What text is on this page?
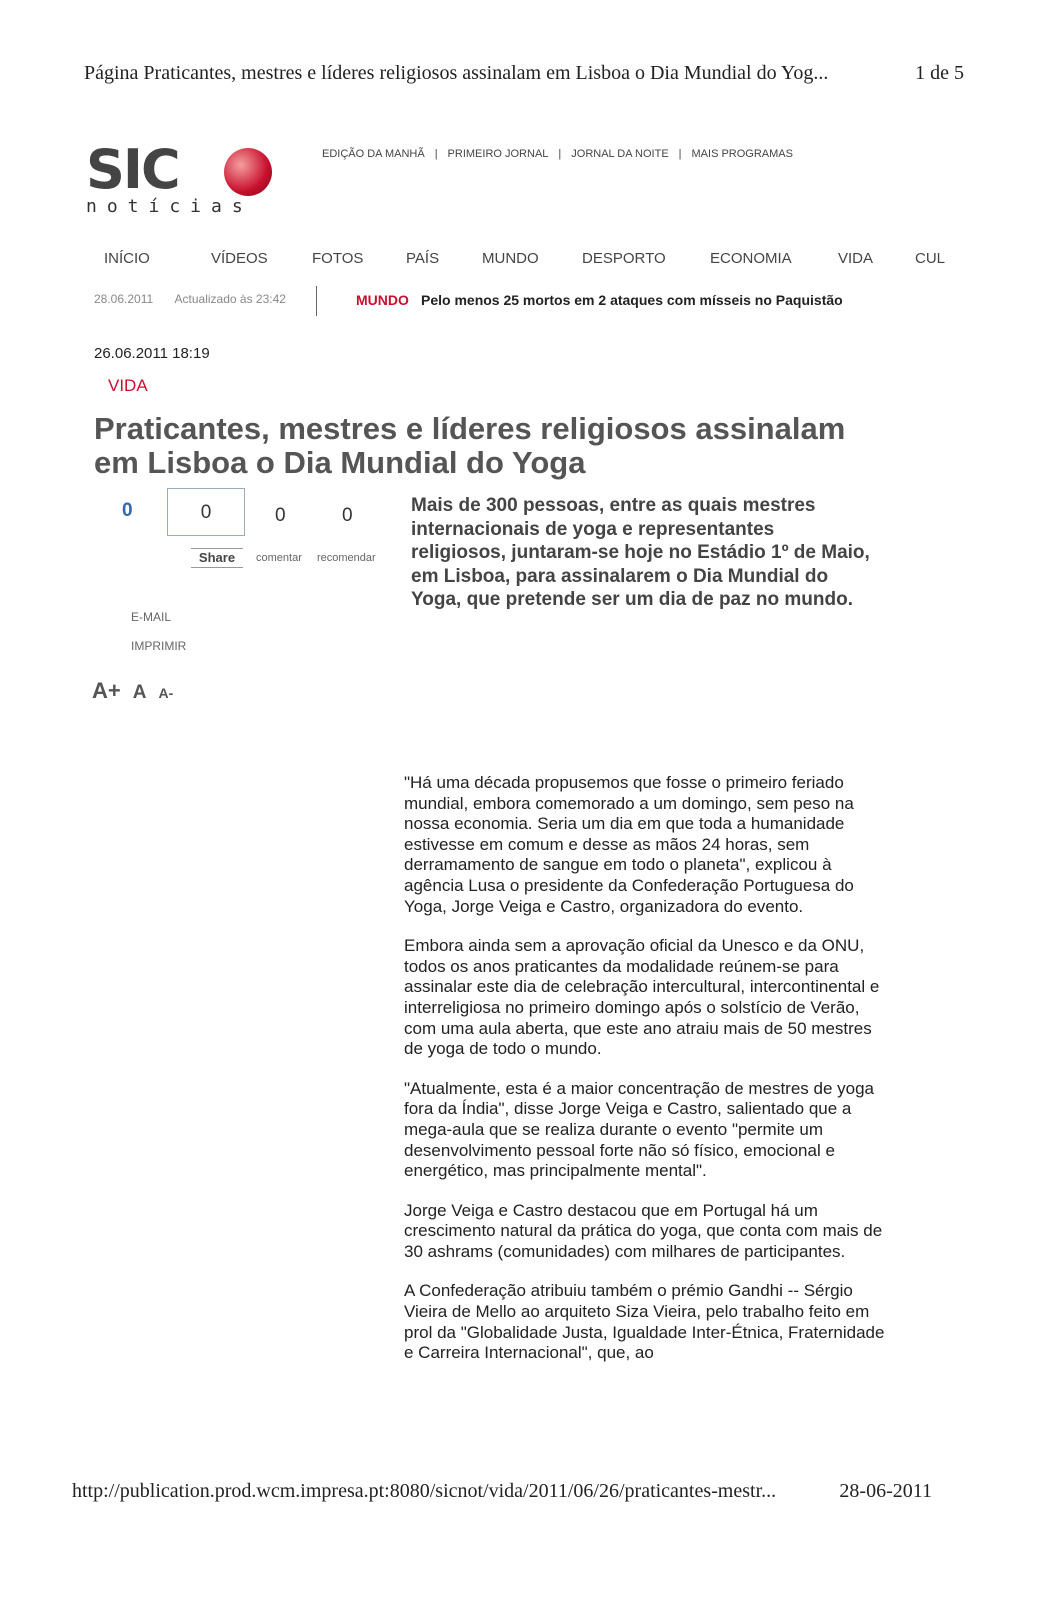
Página Praticantes, mestres e líderes religiosos assinalam em Lisboa o Dia Mundial do Yog...	1 de 5
SIC
notícias
EDIÇÃO DA MANHÃ | PRIMEIRO JORNAL | JORNAL DA NOITE | MAIS PROGRAMAS
INÍCIO	VÍDEOS	FOTOS	PAÍS	MUNDO	DESPORTO	ECONOMIA	VIDA	CUL
28.06.2011 Actualizado às 23:42	MUNDO Pelo menos 25 mortos em 2 ataques com mísseis no Paquistão
26.06.2011 18:19
VIDA
Praticantes, mestres e líderes religiosos assinalam em Lisboa o Dia Mundial do Yoga
0	0
Share
0
comentar
0
recomendar
E-MAIL
IMPRIMIR
A+ A A-
Mais de 300 pessoas, entre as quais mestres internacionais de yoga e representantes religiosos, juntaram-se hoje no Estádio 1º de Maio, em Lisboa, para assinalarem o Dia Mundial do Yoga, que pretende ser um dia de paz no mundo.

"Há uma década propusemos que fosse o primeiro feriado mundial, embora comemorado a um domingo, sem peso na nossa economia. Seria um dia em que toda a humanidade estivesse em comum e desse as mãos 24 horas, sem derramamento de sangue em todo o planeta", explicou à agência Lusa o presidente da Confederação Portuguesa do Yoga, Jorge Veiga e Castro, organizadora do evento.

Embora ainda sem a aprovação oficial da Unesco e da ONU, todos os anos praticantes da modalidade reúnem-se para assinalar este dia de celebração intercultural, intercontinental e interreligiosa no primeiro domingo após o solstício de Verão, com uma aula aberta, que este ano atraiu mais de 50 mestres de yoga de todo o mundo.

"Atualmente, esta é a maior concentração de mestres de yoga fora da Índia", disse Jorge Veiga e Castro, salientado que a mega-aula que se realiza durante o evento "permite um desenvolvimento pessoal forte não só físico, emocional e energético, mas principalmente mental".

Jorge Veiga e Castro destacou que em Portugal há um crescimento natural da prática do yoga, que conta com mais de 30 ashrams (comunidades) com milhares de participantes.

A Confederação atribuiu também o prémio Gandhi -- Sérgio Vieira de Mello ao arquiteto Siza Vieira, pelo trabalho feito em prol da "Globalidade Justa, Igualdade Inter-Étnica, Fraternidade e Carreira Internacional", que, ao

http://publication.prod.wcm.impresa.pt:8080/sicnot/vida/2011/06/26/praticantes-mestr...	28-06-2011
